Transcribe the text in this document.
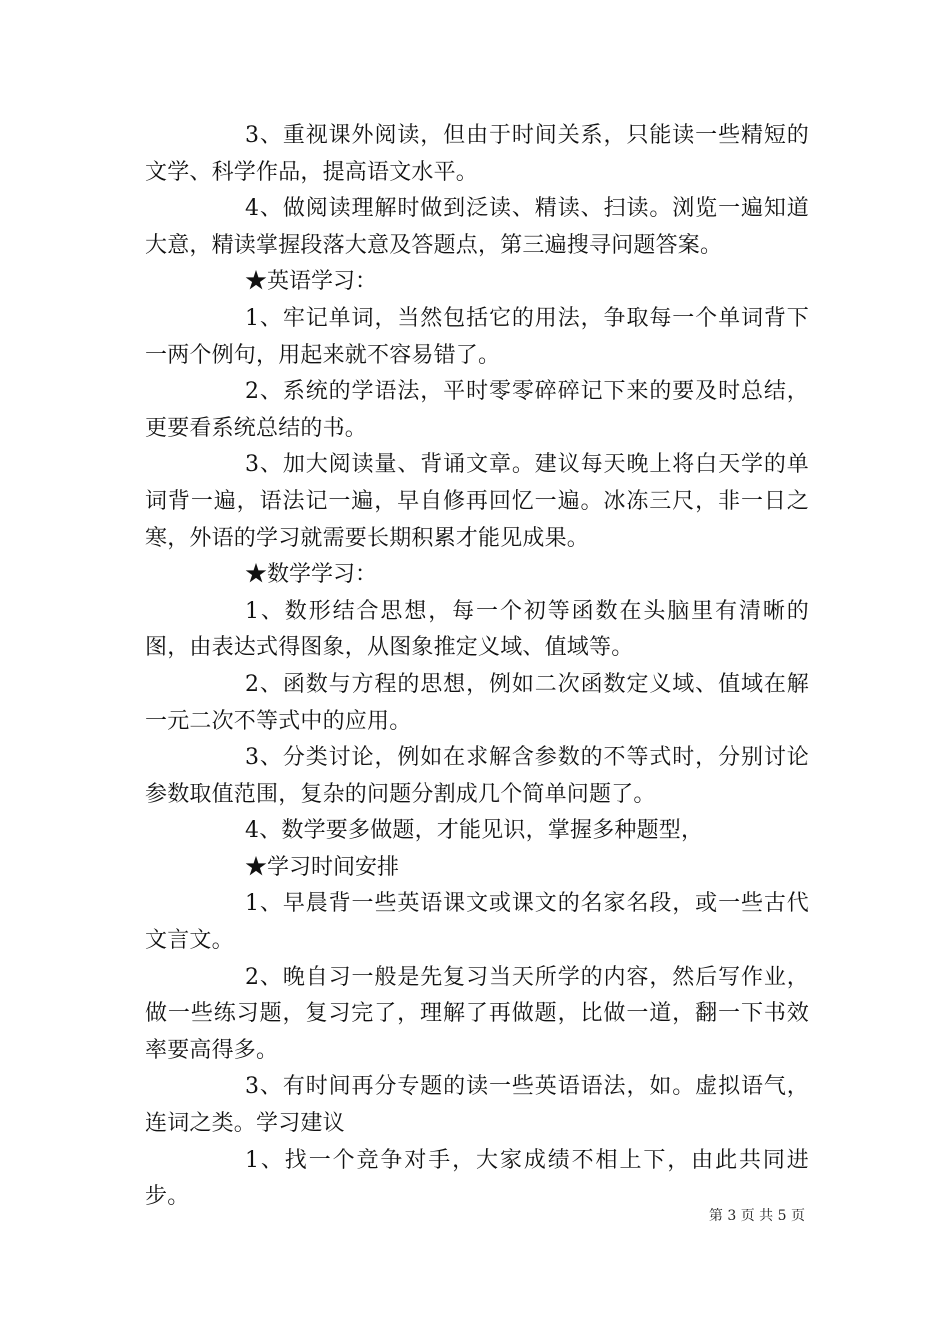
3、重视课外阅读，但由于时间关系，只能读一些精短的文学、科学作品，提高语文水平。

4、做阅读理解时做到泛读、精读、扫读。浏览一遍知道大意，精读掌握段落大意及答题点，第三遍搜寻问题答案。

★英语学习：

1、牢记单词，当然包括它的用法，争取每一个单词背下一两个例句，用起来就不容易错了。

2、系统的学语法，平时零零碎碎记下来的要及时总结，更要看系统总结的书。

3、加大阅读量、背诵文章。建议每天晚上将白天学的单词背一遍，语法记一遍，早自修再回忆一遍。冰冻三尺，非一日之寒，外语的学习就需要长期积累才能见成果。

★数学学习：

1、数形结合思想，每一个初等函数在头脑里有清晰的图，由表达式得图象，从图象推定义域、值域等。

2、函数与方程的思想，例如二次函数定义域、值域在解一元二次不等式中的应用。

3、分类讨论，例如在求解含参数的不等式时，分别讨论参数取值范围，复杂的问题分割成几个简单问题了。

4、数学要多做题，才能见识，掌握多种题型，

★学习时间安排

1、早晨背一些英语课文或课文的名家名段，或一些古代文言文。

2、晚自习一般是先复习当天所学的内容，然后写作业，做一些练习题，复习完了，理解了再做题，比做一道，翻一下书效率要高得多。

3、有时间再分专题的读一些英语语法，如。虚拟语气，连词之类。学习建议

1、找一个竞争对手，大家成绩不相上下，由此共同进步。

第 3 页 共 5 页
